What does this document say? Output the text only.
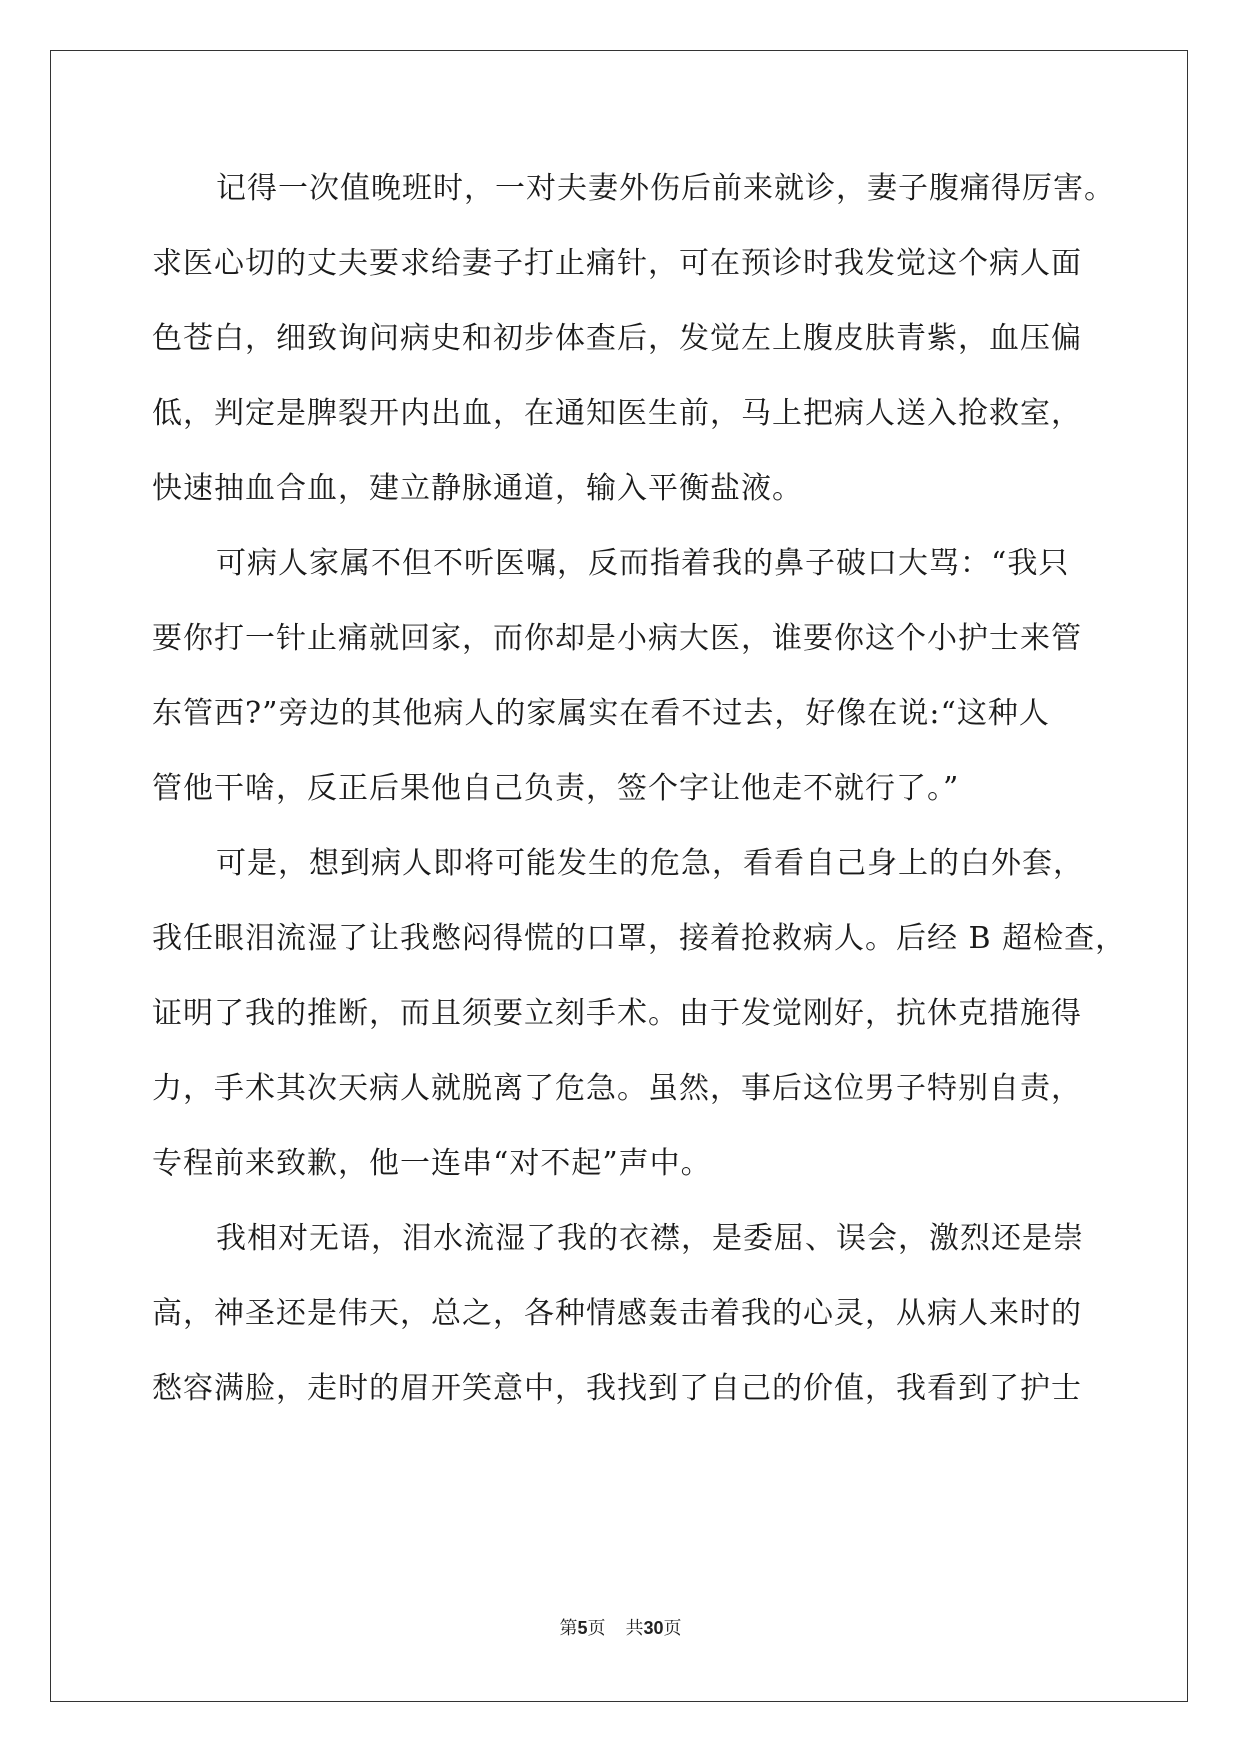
记得一次值晚班时，一对夫妻外伤后前来就诊，妻子腹痛得厉害。
求医心切的丈夫要求给妻子打止痛针，可在预诊时我发觉这个病人面
色苍白，细致询问病史和初步体查后，发觉左上腹皮肤青紫，血压偏
低，判定是脾裂开内出血，在通知医生前，马上把病人送入抢救室，
快速抽血合血，建立静脉通道，输入平衡盐液。
可病人家属不但不听医嘱，反而指着我的鼻子破口大骂：“我只
要你打一针止痛就回家，而你却是小病大医，谁要你这个小护士来管
东管西?”旁边的其他病人的家属实在看不过去，好像在说:“这种人
管他干啥，反正后果他自己负责，签个字让他走不就行了。”
可是，想到病人即将可能发生的危急，看看自己身上的白外套，
我任眼泪流湿了让我憋闷得慌的口罩，接着抢救病人。后经 B 超检查，
证明了我的推断，而且须要立刻手术。由于发觉刚好，抗休克措施得
力，手术其次天病人就脱离了危急。虽然，事后这位男子特别自责，
专程前来致歉，他一连串“对不起”声中。
我相对无语，泪水流湿了我的衣襟，是委屈、误会，激烈还是崇
高，神圣还是伟天，总之，各种情感轰击着我的心灵，从病人来时的
愁容满脸，走时的眉开笑意中，我找到了自己的价值，我看到了护士
第5页 共30页
